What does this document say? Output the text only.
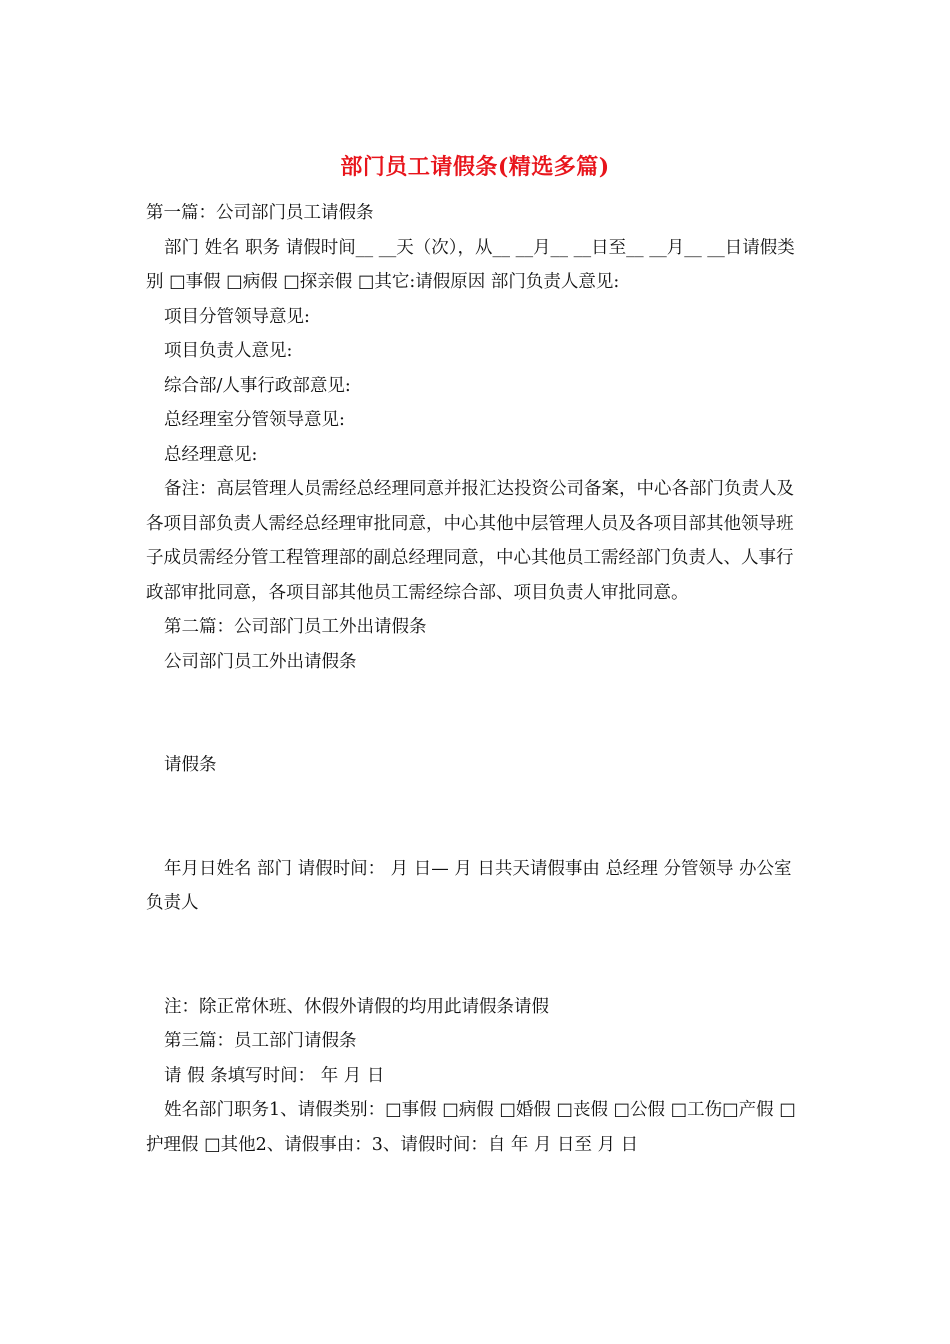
部门员工请假条(精选多篇)

第一篇：公司部门员工请假条

部门 姓名 职务 请假时间__ __天（次），从__ __月__ __日至__ __月__ __日请假类别 □事假 □病假 □探亲假 □其它:请假原因 部门负责人意见:

项目分管领导意见:

项目负责人意见:

综合部/人事行政部意见:

总经理室分管领导意见:

总经理意见:

备注：高层管理人员需经总经理同意并报汇达投资公司备案，中心各部门负责人及各项目部负责人需经总经理审批同意，中心其他中层管理人员及各项目部其他领导班子成员需经分管工程管理部的副总经理同意，中心其他员工需经部门负责人、人事行政部审批同意，各项目部其他员工需经综合部、项目负责人审批同意。

第二篇：公司部门员工外出请假条

公司部门员工外出请假条

请假条

年月日姓名 部门 请假时间： 月 日— 月 日共天请假事由 总经理 分管领导 办公室负责人

注：除正常休班、休假外请假的均用此请假条请假

第三篇：员工部门请假条

请 假 条填写时间： 年 月 日

姓名部门职务1、请假类别：□事假 □病假 □婚假 □丧假 □公假 □工伤□产假 □护理假 □其他2、请假事由：3、请假时间：自 年 月 日至 月 日
